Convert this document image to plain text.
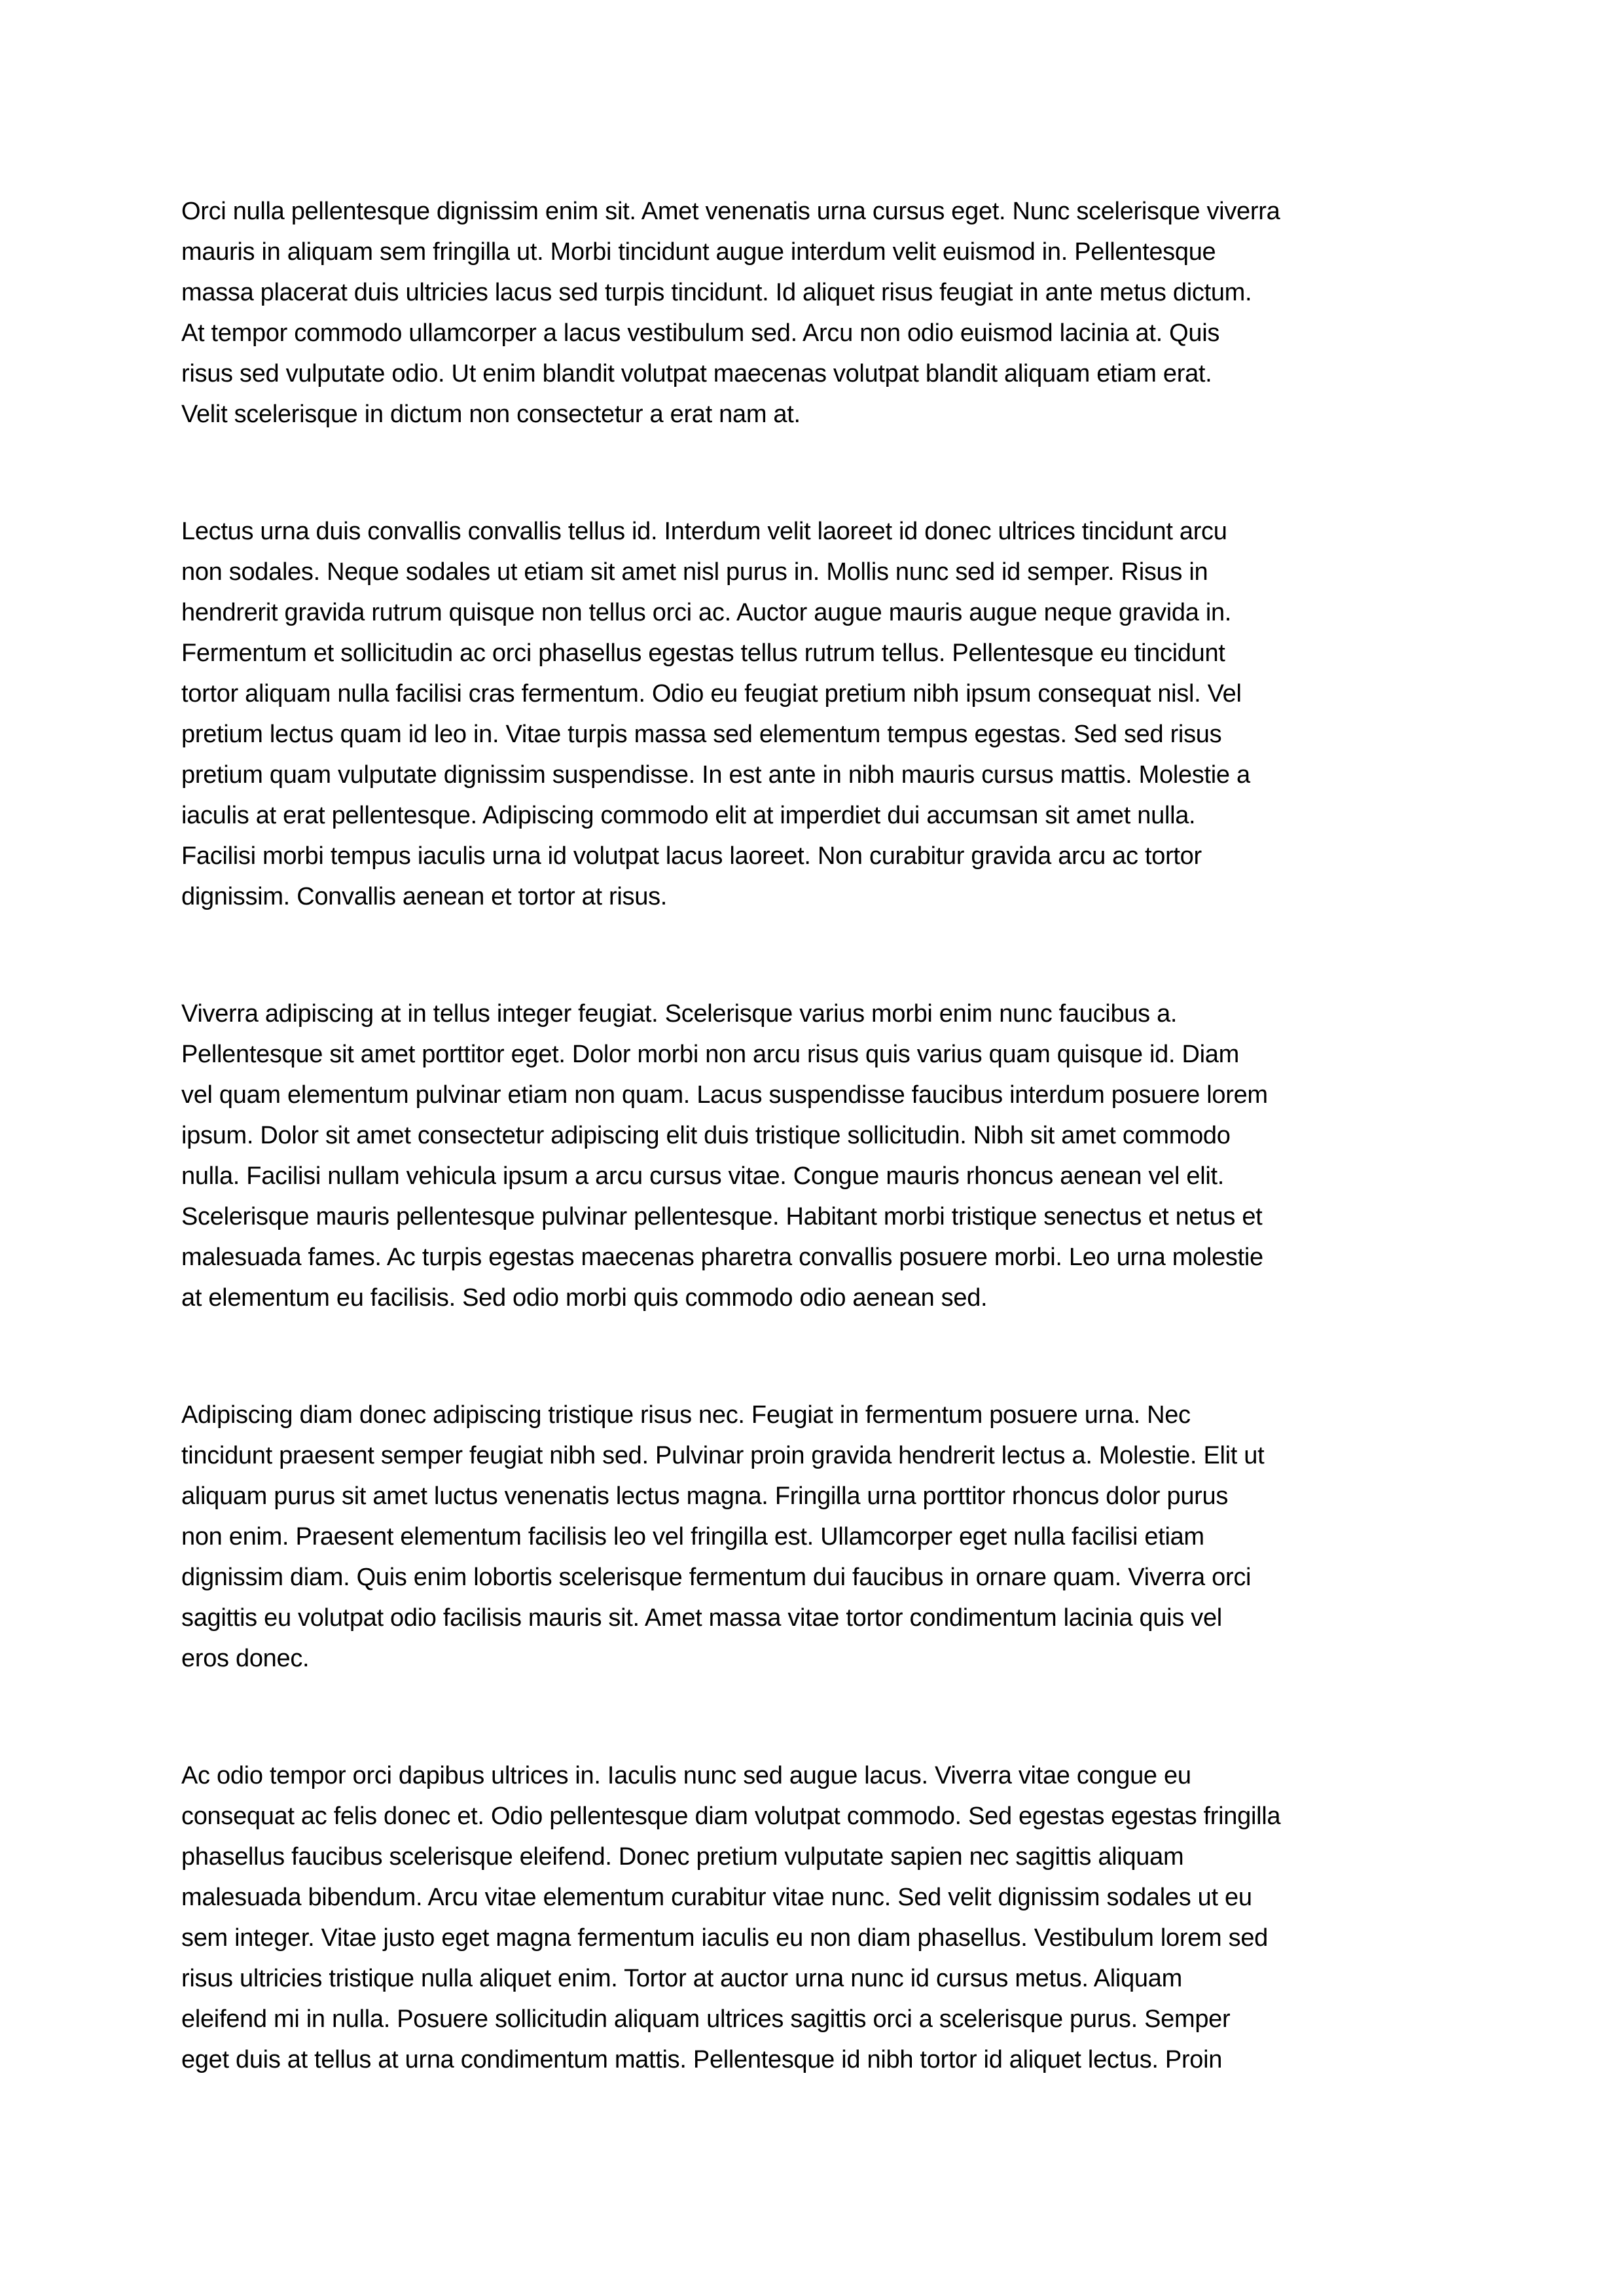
Orci nulla pellentesque dignissim enim sit. Amet venenatis urna cursus eget. Nunc scelerisque viverra
mauris in aliquam sem fringilla ut. Morbi tincidunt augue interdum velit euismod in. Pellentesque
massa placerat duis ultricies lacus sed turpis tincidunt. Id aliquet risus feugiat in ante metus dictum.
At tempor commodo ullamcorper a lacus vestibulum sed. Arcu non odio euismod lacinia at. Quis
risus sed vulputate odio. Ut enim blandit volutpat maecenas volutpat blandit aliquam etiam erat.
Velit scelerisque in dictum non consectetur a erat nam at.

Lectus urna duis convallis convallis tellus id. Interdum velit laoreet id donec ultrices tincidunt arcu
non sodales. Neque sodales ut etiam sit amet nisl purus in. Mollis nunc sed id semper. Risus in
hendrerit gravida rutrum quisque non tellus orci ac. Auctor augue mauris augue neque gravida in.
Fermentum et sollicitudin ac orci phasellus egestas tellus rutrum tellus. Pellentesque eu tincidunt
tortor aliquam nulla facilisi cras fermentum. Odio eu feugiat pretium nibh ipsum consequat nisl. Vel
pretium lectus quam id leo in. Vitae turpis massa sed elementum tempus egestas. Sed sed risus
pretium quam vulputate dignissim suspendisse. In est ante in nibh mauris cursus mattis. Molestie a
iaculis at erat pellentesque. Adipiscing commodo elit at imperdiet dui accumsan sit amet nulla.
Facilisi morbi tempus iaculis urna id volutpat lacus laoreet. Non curabitur gravida arcu ac tortor
dignissim. Convallis aenean et tortor at risus.

Viverra adipiscing at in tellus integer feugiat. Scelerisque varius morbi enim nunc faucibus a.
Pellentesque sit amet porttitor eget. Dolor morbi non arcu risus quis varius quam quisque id. Diam
vel quam elementum pulvinar etiam non quam. Lacus suspendisse faucibus interdum posuere lorem
ipsum. Dolor sit amet consectetur adipiscing elit duis tristique sollicitudin. Nibh sit amet commodo
nulla. Facilisi nullam vehicula ipsum a arcu cursus vitae. Congue mauris rhoncus aenean vel elit.
Scelerisque mauris pellentesque pulvinar pellentesque. Habitant morbi tristique senectus et netus et
malesuada fames. Ac turpis egestas maecenas pharetra convallis posuere morbi. Leo urna molestie
at elementum eu facilisis. Sed odio morbi quis commodo odio aenean sed.

Adipiscing diam donec adipiscing tristique risus nec. Feugiat in fermentum posuere urna. Nec
tincidunt praesent semper feugiat nibh sed. Pulvinar proin gravida hendrerit lectus a. Molestie. Elit ut
aliquam purus sit amet luctus venenatis lectus magna. Fringilla urna porttitor rhoncus dolor purus
non enim. Praesent elementum facilisis leo vel fringilla est. Ullamcorper eget nulla facilisi etiam
dignissim diam. Quis enim lobortis scelerisque fermentum dui faucibus in ornare quam. Viverra orci
sagittis eu volutpat odio facilisis mauris sit. Amet massa vitae tortor condimentum lacinia quis vel
eros donec.

Ac odio tempor orci dapibus ultrices in. Iaculis nunc sed augue lacus. Viverra vitae congue eu
consequat ac felis donec et. Odio pellentesque diam volutpat commodo. Sed egestas egestas fringilla
phasellus faucibus scelerisque eleifend. Donec pretium vulputate sapien nec sagittis aliquam
malesuada bibendum. Arcu vitae elementum curabitur vitae nunc. Sed velit dignissim sodales ut eu
sem integer. Vitae justo eget magna fermentum iaculis eu non diam phasellus. Vestibulum lorem sed
risus ultricies tristique nulla aliquet enim. Tortor at auctor urna nunc id cursus metus. Aliquam
eleifend mi in nulla. Posuere sollicitudin aliquam ultrices sagittis orci a scelerisque purus. Semper
eget duis at tellus at urna condimentum mattis. Pellentesque id nibh tortor id aliquet lectus. Proin
